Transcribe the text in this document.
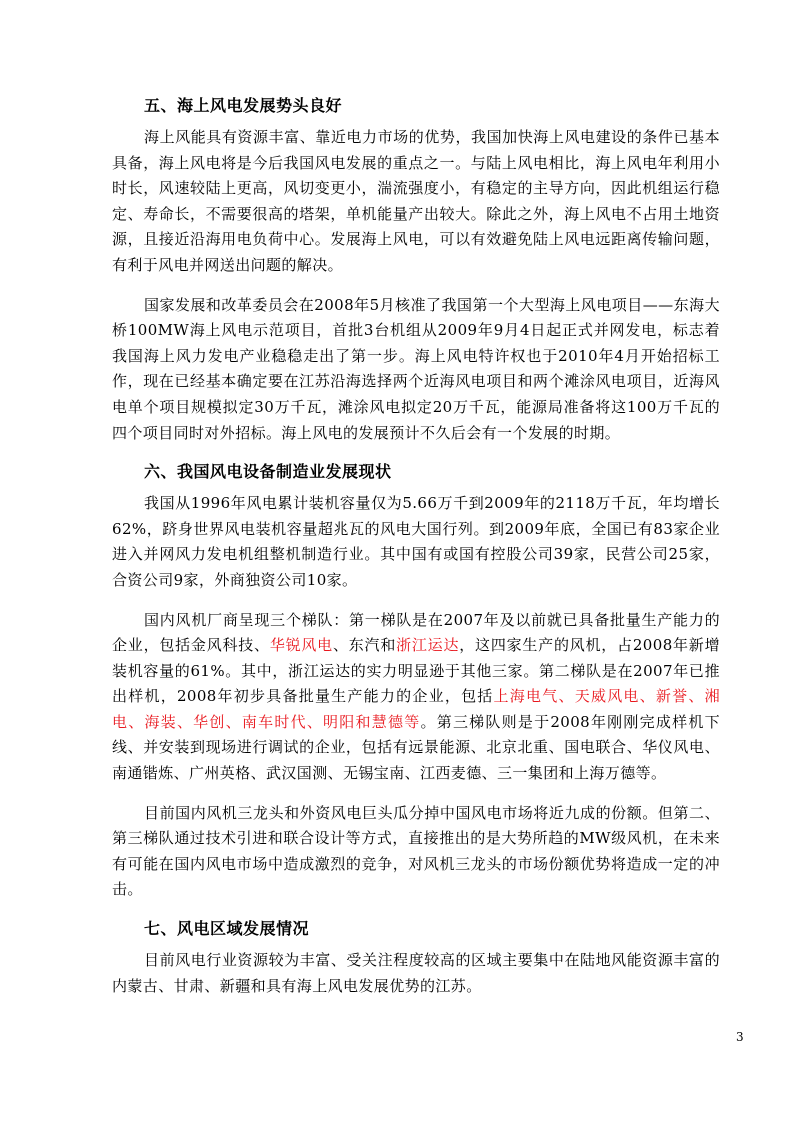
五、海上风电发展势头良好

海上风能具有资源丰富、靠近电力市场的优势，我国加快海上风电建设的条件已基本具备，海上风电将是今后我国风电发展的重点之一。与陆上风电相比，海上风电年利用小时长，风速较陆上更高，风切变更小，湍流强度小，有稳定的主导方向，因此机组运行稳定、寿命长，不需要很高的塔架，单机能量产出较大。除此之外，海上风电不占用土地资源，且接近沿海用电负荷中心。发展海上风电，可以有效避免陆上风电远距离传输问题，有利于风电并网送出问题的解决。

国家发展和改革委员会在2008年5月核准了我国第一个大型海上风电项目——东海大桥100MW海上风电示范项目，首批3台机组从2009年9月4日起正式并网发电，标志着我国海上风力发电产业稳稳走出了第一步。海上风电特许权也于2010年4月开始招标工作，现在已经基本确定要在江苏沿海选择两个近海风电项目和两个滩涂风电项目，近海风电单个项目规模拟定30万千瓦，滩涂风电拟定20万千瓦，能源局准备将这100万千瓦的四个项目同时对外招标。海上风电的发展预计不久后会有一个发展的时期。

六、我国风电设备制造业发展现状

我国从1996年风电累计装机容量仅为5.66万千到2009年的2118万千瓦，年均增长62%，跻身世界风电装机容量超兆瓦的风电大国行列。到2009年底，全国已有83家企业进入并网风力发电机组整机制造行业。其中国有或国有控股公司39家，民营公司25家，合资公司9家，外商独资公司10家。

国内风机厂商呈现三个梯队：第一梯队是在2007年及以前就已具备批量生产能力的企业，包括金风科技、华锐风电、东汽和浙江运达，这四家生产的风机，占2008年新增装机容量的61%。其中，浙江运达的实力明显逊于其他三家。第二梯队是在2007年已推出样机，2008年初步具备批量生产能力的企业，包括上海电气、天威风电、新誉、湘电、海装、华创、南车时代、明阳和慧德等。第三梯队则是于2008年刚刚完成样机下线、并安装到现场进行调试的企业，包括有远景能源、北京北重、国电联合、华仪风电、南通锴炼、广州英格、武汉国测、无锡宝南、江西麦德、三一集团和上海万德等。

目前国内风机三龙头和外资风电巨头瓜分掉中国风电市场将近九成的份额。但第二、第三梯队通过技术引进和联合设计等方式，直接推出的是大势所趋的MW级风机，在未来有可能在国内风电市场中造成激烈的竞争，对风机三龙头的市场份额优势将造成一定的冲击。

七、风电区域发展情况

目前风电行业资源较为丰富、受关注程度较高的区域主要集中在陆地风能资源丰富的内蒙古、甘肃、新疆和具有海上风电发展优势的江苏。

3
